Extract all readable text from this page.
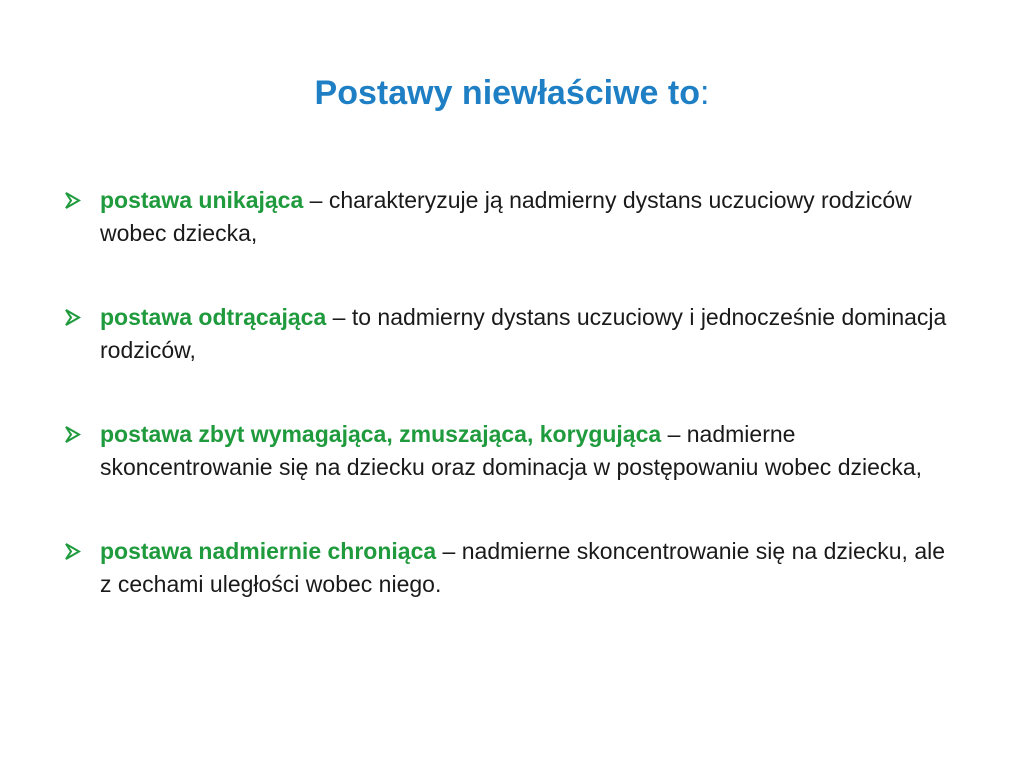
Postawy niewłaściwe to:
postawa unikająca – charakteryzuje ją nadmierny dystans uczuciowy rodziców wobec dziecka,
postawa odtrącająca – to nadmierny dystans uczuciowy i jednocześnie dominacja rodziców,
postawa zbyt wymagająca, zmuszająca, korygująca – nadmierne skoncentrowanie się na dziecku oraz dominacja w postępowaniu wobec dziecka,
postawa nadmiernie chroniąca – nadmierne skoncentrowanie się na dziecku, ale z cechami uległości wobec niego.
